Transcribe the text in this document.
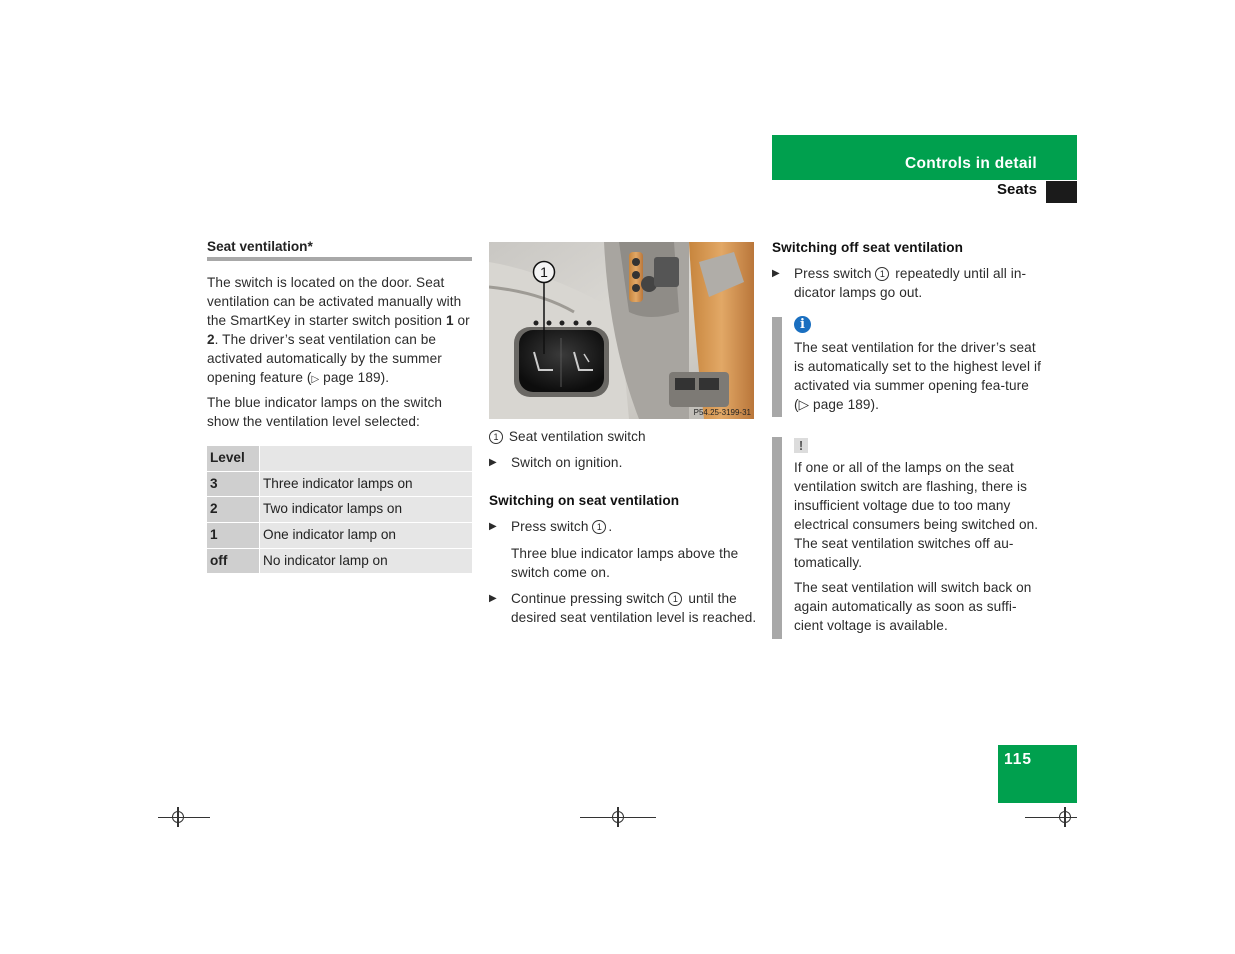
Controls in detail
Seats
Seat ventilation*
The switch is located on the door. Seat ventilation can be activated manually with the SmartKey in starter switch position 1 or 2. The driver’s seat ventilation can be activated automatically by the summer opening feature (▷ page 189).
The blue indicator lamps on the switch show the ventilation level selected:
Level
3	Three indicator lamps on
2	Two indicator lamps on
1	One indicator lamp on
off	No indicator lamp on
1
P54.25-3199-31
1 Seat ventilation switch
▶	Switch on ignition.
Switching on seat ventilation
▶	Press switch 1 .
Three blue indicator lamps above the switch come on.
▶	Continue pressing switch 1 until the desired seat ventilation level is reached.
Switching off seat ventilation
▶	Press switch 1 repeatedly until all in-dicator lamps go out.
i
The seat ventilation for the driver’s seat is automatically set to the highest level if activated via summer opening fea-ture (▷ page 189).
!
If one or all of the lamps on the seat ventilation switch are flashing, there is insufficient voltage due to too many electrical consumers being switched on. The seat ventilation switches off au-tomatically.
The seat ventilation will switch back on again automatically as soon as suffi-cient voltage is available.
115
